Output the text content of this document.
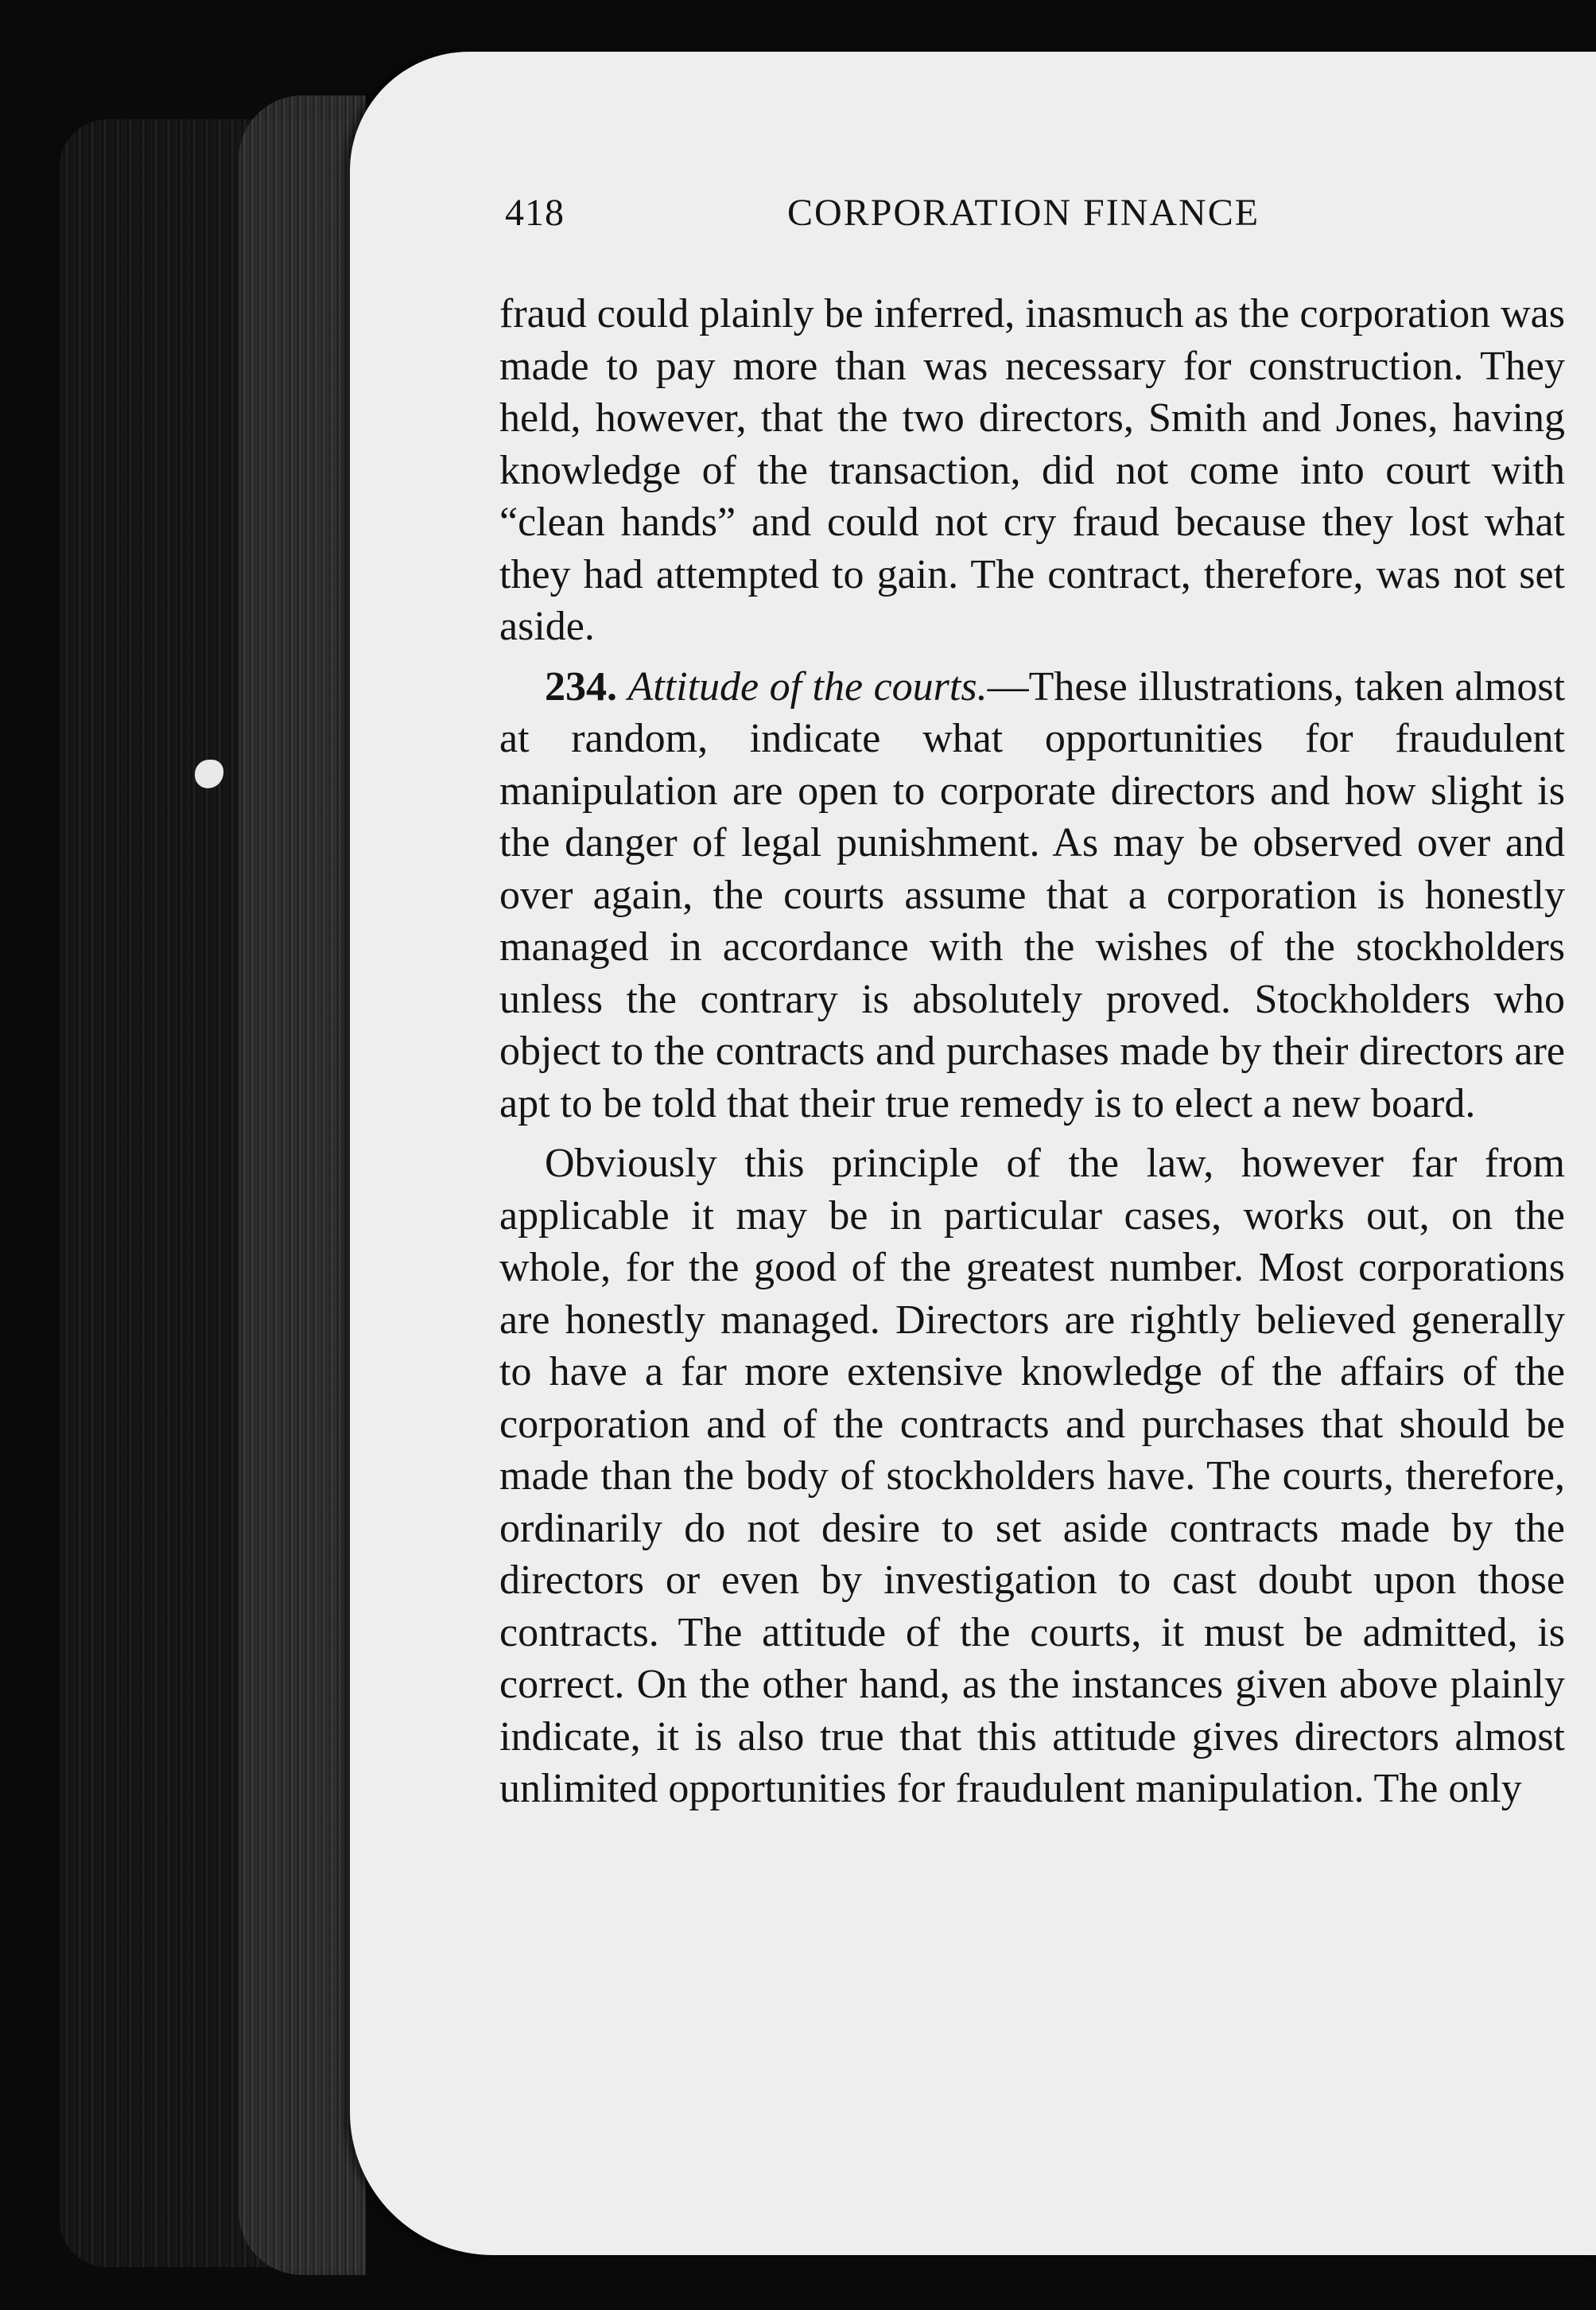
418	CORPORATION FINANCE

fraud could plainly be inferred, inasmuch as the corporation was made to pay more than was necessary for construction. They held, however, that the two directors, Smith and Jones, having knowledge of the transaction, did not come into court with “clean hands” and could not cry fraud because they lost what they had attempted to gain. The contract, therefore, was not set aside.

234. Attitude of the courts.—These illustrations, taken almost at random, indicate what opportunities for fraudulent manipulation are open to corporate directors and how slight is the danger of legal punishment. As may be observed over and over again, the courts assume that a corporation is honestly managed in accordance with the wishes of the stockholders unless the contrary is absolutely proved. Stockholders who object to the contracts and purchases made by their directors are apt to be told that their true remedy is to elect a new board.

Obviously this principle of the law, however far from applicable it may be in particular cases, works out, on the whole, for the good of the greatest number. Most corporations are honestly managed. Directors are rightly believed generally to have a far more extensive knowledge of the affairs of the corporation and of the contracts and purchases that should be made than the body of stockholders have. The courts, therefore, ordinarily do not desire to set aside contracts made by the directors or even by investigation to cast doubt upon those contracts. The attitude of the courts, it must be admitted, is correct. On the other hand, as the instances given above plainly indicate, it is also true that this attitude gives directors almost unlimited opportunities for fraudulent manipulation. The only
